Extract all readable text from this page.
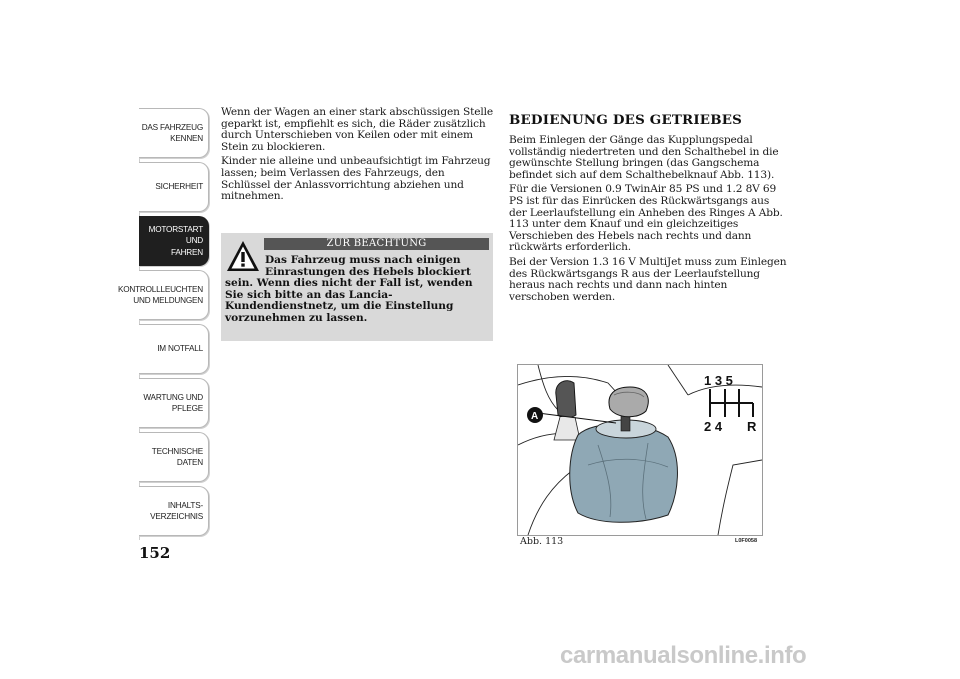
DAS FAHRZEUG
KENNEN
SICHERHEIT
MOTORSTART UND
FAHREN
KONTROLLLEUCHTEN
UND MELDUNGEN
IM NOTFALL
WARTUNG UND
PFLEGE
TECHNISCHE
DATEN
INHALTS-
VERZEICHNIS
152

Wenn der Wagen an einer stark abschüssigen Stelle geparkt ist, empfiehlt es sich, die Räder zusätzlich durch Unterschieben von Keilen oder mit einem Stein zu blockieren.

Kinder nie alleine und unbeaufsichtigt im Fahrzeug lassen; beim Verlassen des Fahrzeugs, den Schlüssel der Anlassvorrichtung abziehen und mitnehmen.

ZUR BEACHTUNG
Das Fahrzeug muss nach einigen Einrastungen des Hebels blockiert
sein. Wenn dies nicht der Fall ist, wenden Sie sich bitte an das Lancia-Kundendienstnetz, um die Einstellung vorzunehmen zu lassen.
BEDIENUNG DES GETRIEBES

Beim Einlegen der Gänge das Kupplungspedal vollständig niedertreten und den Schalthebel in die gewünschte Stellung bringen (das Gangschema befindet sich auf dem Schalthebelknauf Abb. 113).

Für die Versionen 0.9 TwinAir 85 PS und 1.2 8V 69 PS ist für das Einrücken des Rückwärtsgangs aus der Leerlaufstellung ein Anheben des Ringes A Abb. 113 unter dem Knauf und ein gleichzeitiges Verschieben des Hebels nach rechts und dann rückwärts erforderlich.

Bei der Version 1.3 16 V MultiJet muss zum Einlegen des Rückwärtsgangs R aus der Leerlaufstellung heraus nach rechts und dann nach hinten verschoben werden.

A
1 3 5
2 4 R
Abb. 113	L0F0058
carmanualsonline.info
